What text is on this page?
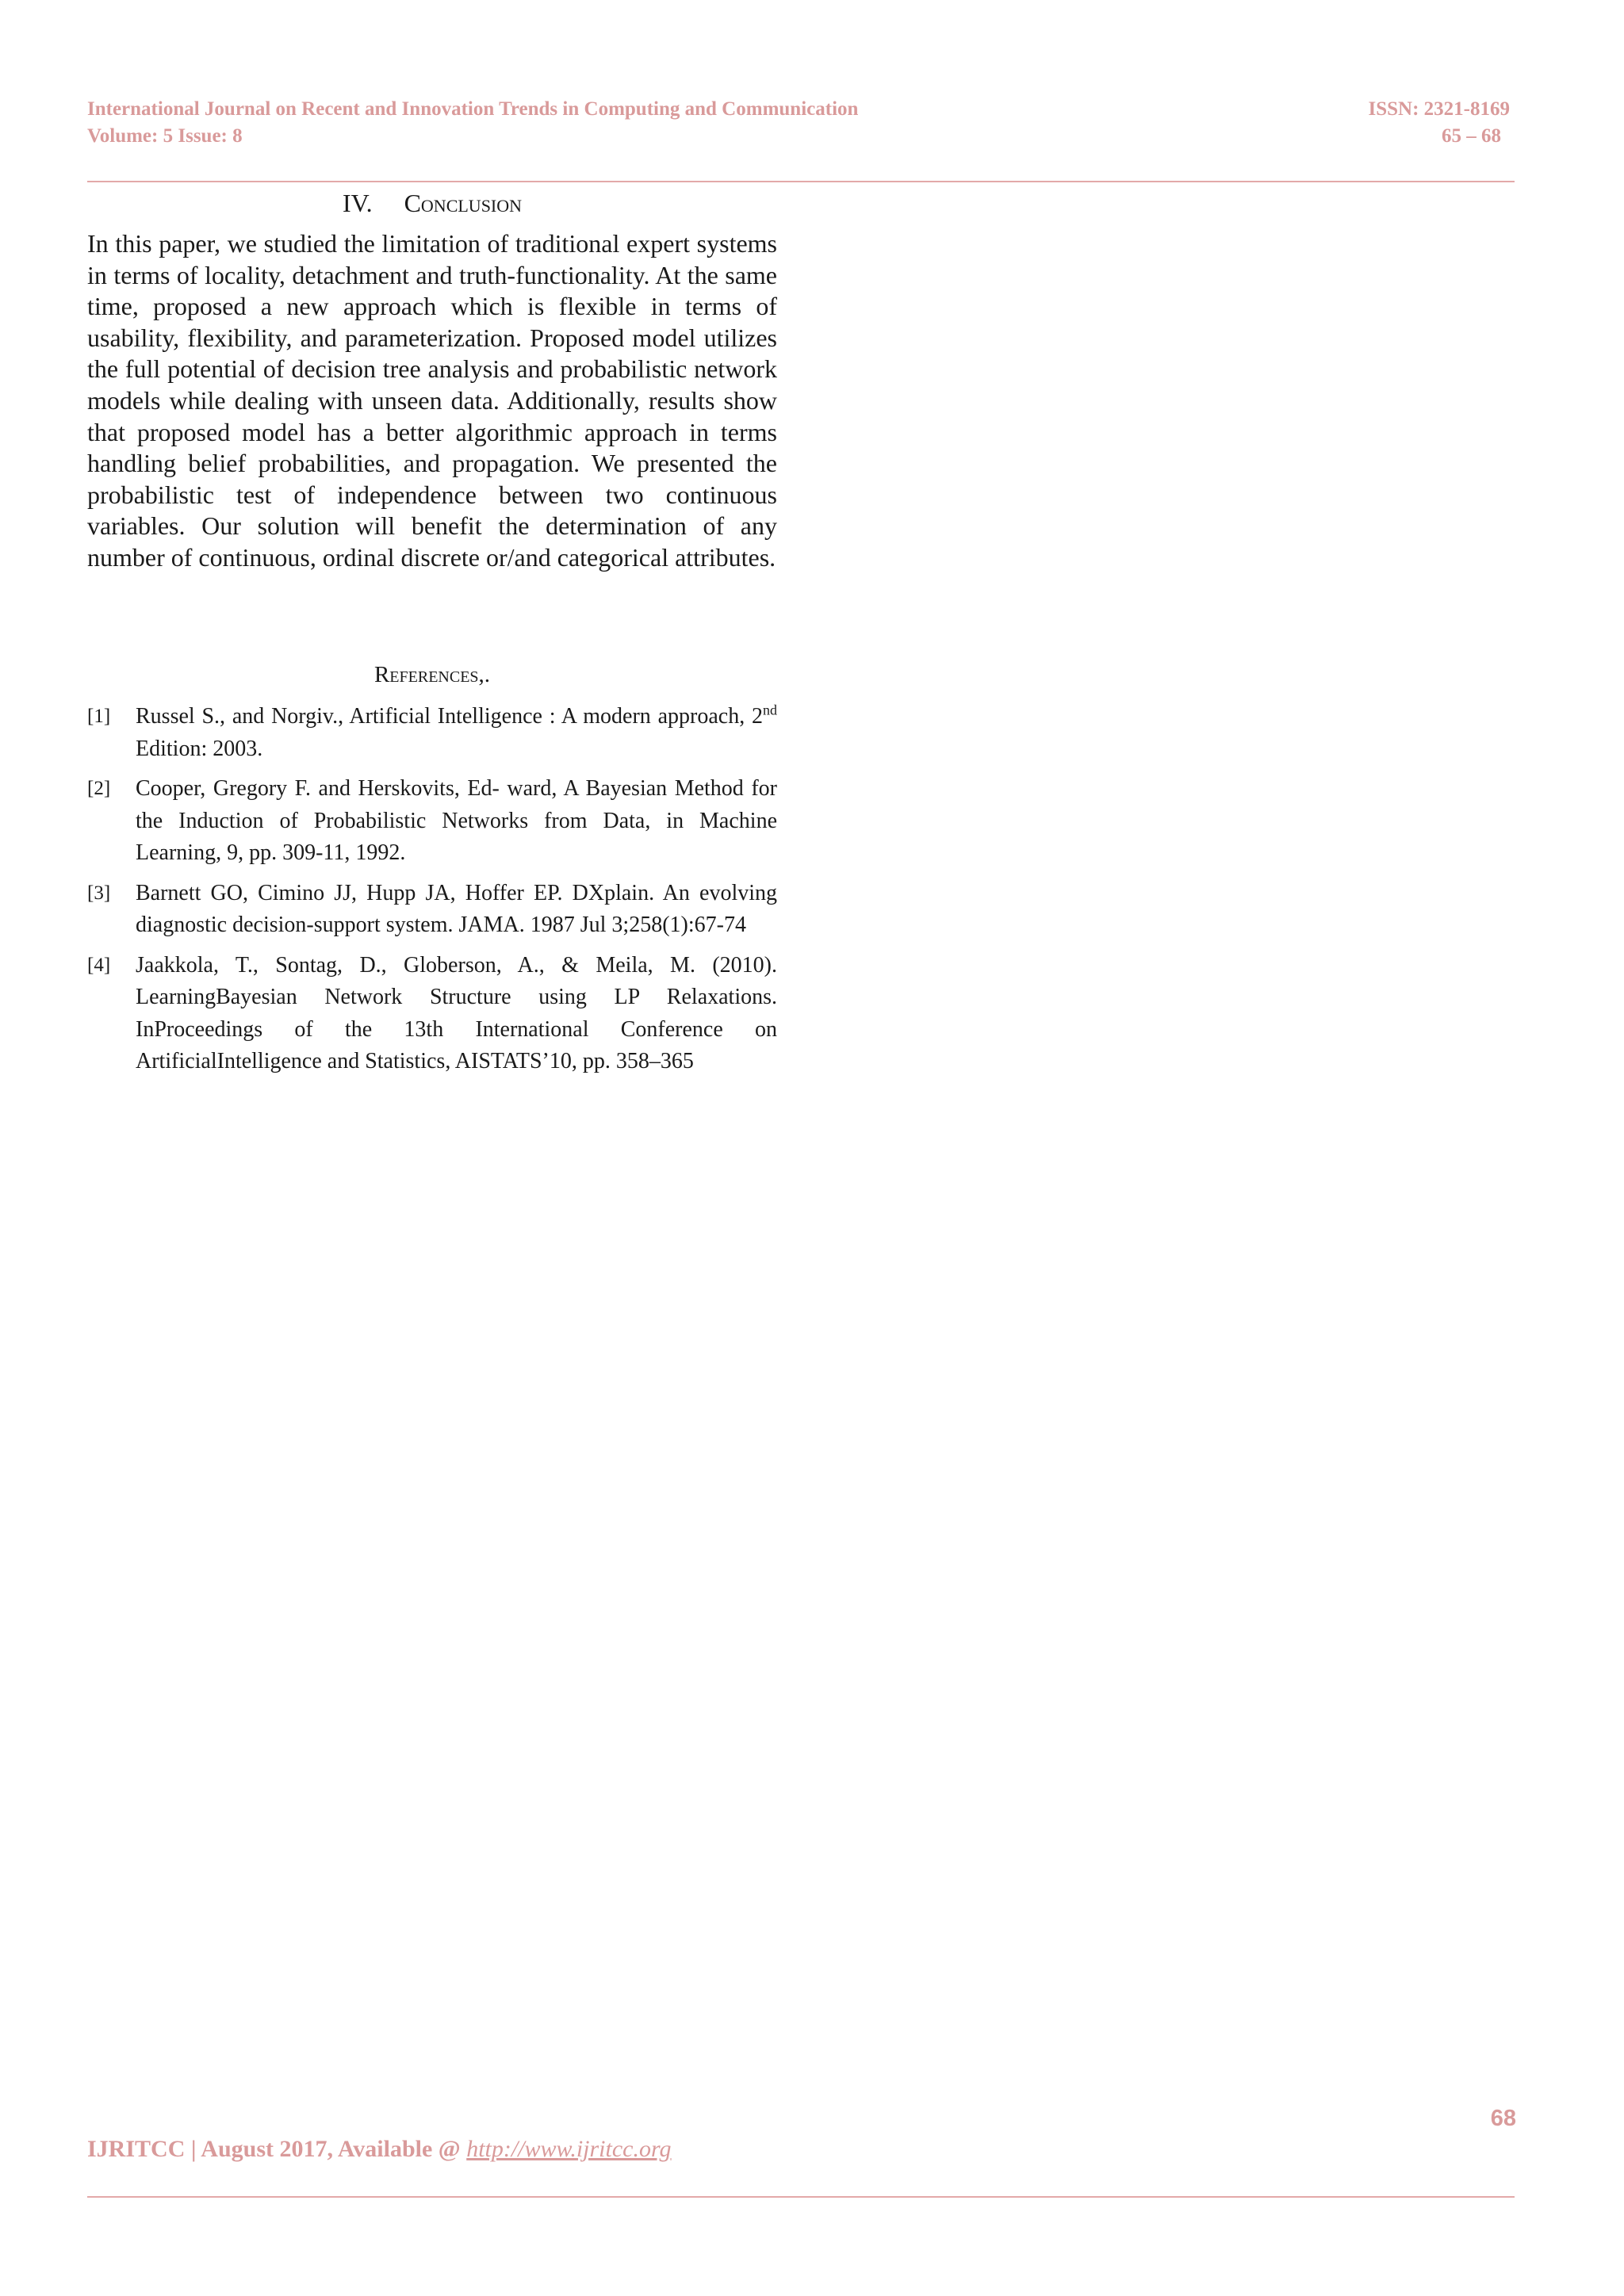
International Journal on Recent and Innovation Trends in Computing and Communication	ISSN: 2321-8169
Volume: 5 Issue: 8	65 – 68
IV. Conclusion

In this paper, we studied the limitation of traditional expert systems in terms of locality, detachment and truth-functionality. At the same time, proposed a new approach which is flexible in terms of usability, flexibility, and parameterization. Proposed model utilizes the full potential of decision tree analysis and probabilistic network models while dealing with unseen data. Additionally, results show that proposed model has a better algorithmic approach in terms handling belief probabilities, and propagation. We presented the probabilistic test of independence between two continuous variables. Our solution will benefit the determination of any number of continuous, ordinal discrete or/and categorical attributes.

References,.
[1] Russel S., and Norgiv., Artificial Intelligence : A modern approach, 2nd Edition: 2003.
[2] Cooper, Gregory F. and Herskovits, Ed- ward, A Bayesian Method for the Induction of Probabilistic Networks from Data, in Machine Learning, 9, pp. 309-11, 1992.
[3] Barnett GO, Cimino JJ, Hupp JA, Hoffer EP. DXplain. An evolving diagnostic decision-support system. JAMA. 1987 Jul 3;258(1):67-74
[4] Jaakkola, T., Sontag, D., Globerson, A., & Meila, M. (2010). LearningBayesian Network Structure using LP Relaxations. InProceedings of the 13th International Conference on ArtificialIntelligence and Statistics, AISTATS’10, pp. 358–365
68
IJRITCC | August 2017, Available @ http://www.ijritcc.org
